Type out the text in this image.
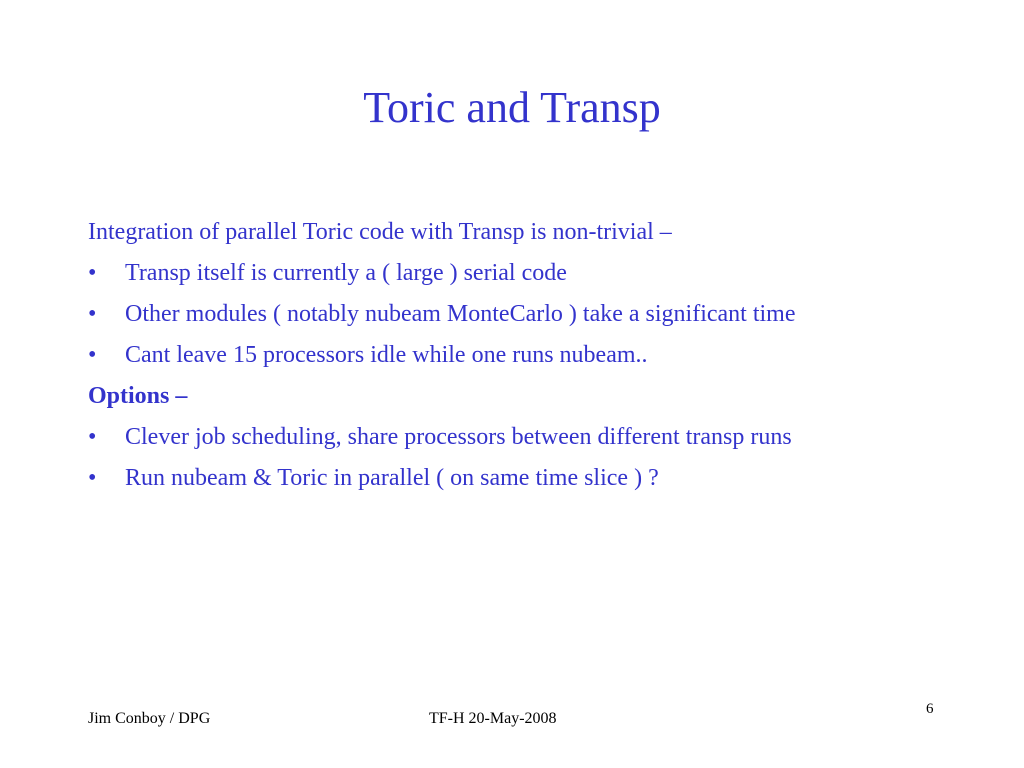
Toric and Transp
Integration of parallel Toric code with Transp is non-trivial –
• Transp itself is currently a ( large ) serial code
• Other modules ( notably nubeam MonteCarlo ) take a significant time
• Cant leave 15 processors idle while one runs nubeam..
Options –
• Clever job scheduling, share processors between different transp runs
• Run nubeam & Toric in parallel ( on same time slice ) ?
Jim Conboy / DPG	TF-H 20-May-2008
6
